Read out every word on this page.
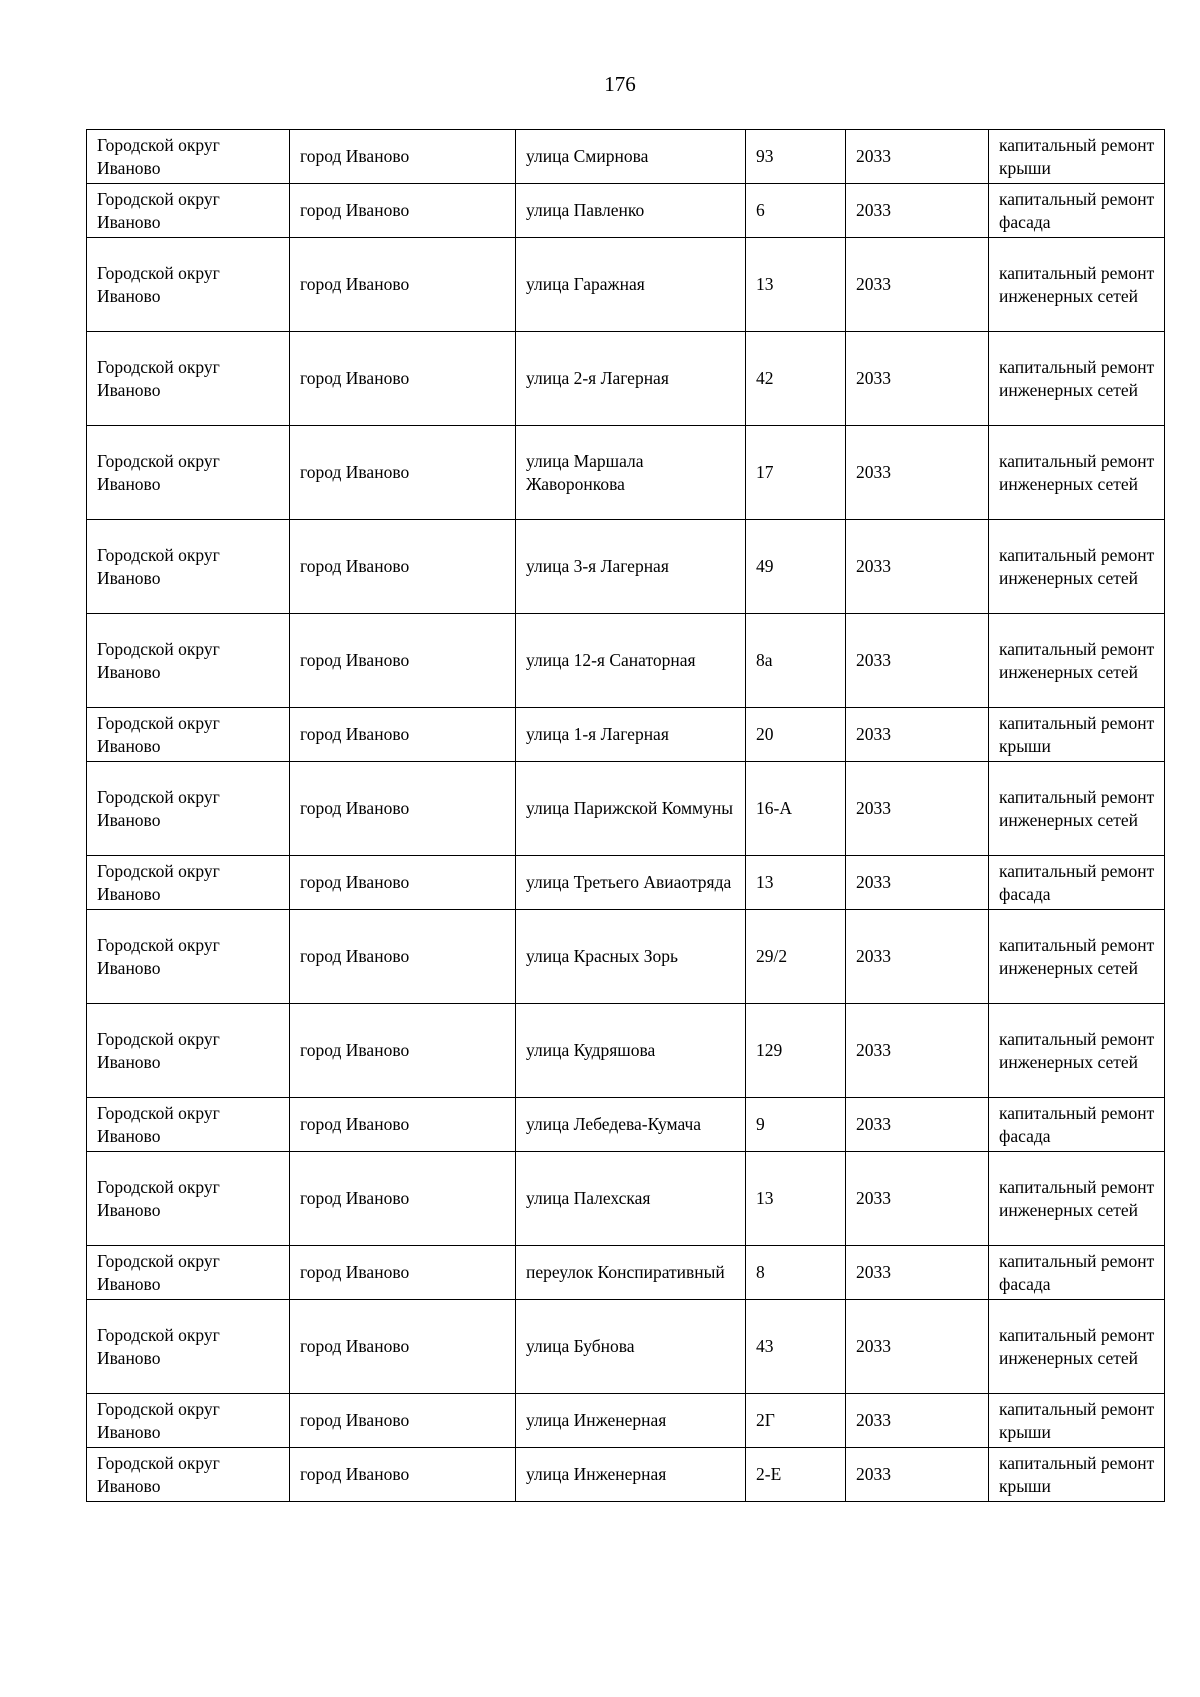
176
Городской округ Иваново	город Иваново	улица Смирнова	93	2033	капитальный ремонт крыши
Городской округ Иваново	город Иваново	улица Павленко	6	2033	капитальный ремонт фасада
Городской округ Иваново	город Иваново	улица Гаражная	13	2033	капитальный ремонт инженерных сетей
Городской округ Иваново	город Иваново	улица 2-я Лагерная	42	2033	капитальный ремонт инженерных сетей
Городской округ Иваново	город Иваново	улица Маршала Жаворонкова	17	2033	капитальный ремонт инженерных сетей
Городской округ Иваново	город Иваново	улица 3-я Лагерная	49	2033	капитальный ремонт инженерных сетей
Городской округ Иваново	город Иваново	улица 12-я Санаторная	8а	2033	капитальный ремонт инженерных сетей
Городской округ Иваново	город Иваново	улица 1-я Лагерная	20	2033	капитальный ремонт крыши
Городской округ Иваново	город Иваново	улица Парижской Коммуны	16-А	2033	капитальный ремонт инженерных сетей
Городской округ Иваново	город Иваново	улица Третьего Авиаотряда	13	2033	капитальный ремонт фасада
Городской округ Иваново	город Иваново	улица Красных Зорь	29/2	2033	капитальный ремонт инженерных сетей
Городской округ Иваново	город Иваново	улица Кудряшова	129	2033	капитальный ремонт инженерных сетей
Городской округ Иваново	город Иваново	улица Лебедева-Кумача	9	2033	капитальный ремонт фасада
Городской округ Иваново	город Иваново	улица Палехская	13	2033	капитальный ремонт инженерных сетей
Городской округ Иваново	город Иваново	переулок Конспиративный	8	2033	капитальный ремонт фасада
Городской округ Иваново	город Иваново	улица Бубнова	43	2033	капитальный ремонт инженерных сетей
Городской округ Иваново	город Иваново	улица Инженерная	2Г	2033	капитальный ремонт крыши
Городской округ Иваново	город Иваново	улица Инженерная	2-Е	2033	капитальный ремонт крыши
